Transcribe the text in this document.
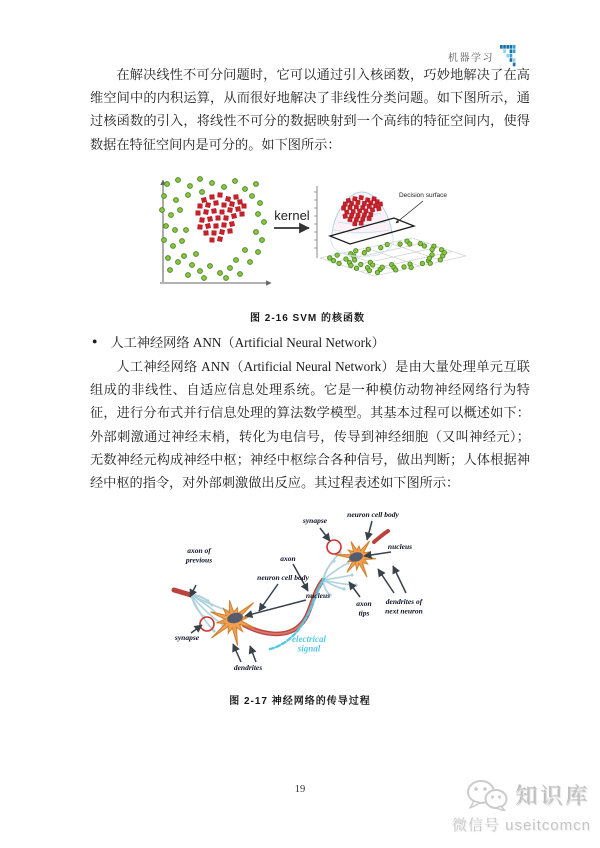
机器学习

在解决线性不可分问题时，它可以通过引入核函数，巧妙地解决了在高维空间中的内积运算，从而很好地解决了非线性分类问题。如下图所示，通过核函数的引入，将线性不可分的数据映射到一个高纬的特征空间内，使得数据在特征空间内是可分的。如下图所示：

kernel
Decision surface
图 2-16 SVM 的核函数
● 人工神经网络 ANN（Artificial Neural Network）

人工神经网络 ANN（Artificial Neural Network）是由大量处理单元互联组成的非线性、自适应信息处理系统。它是一种模仿动物神经网络行为特征，进行分布式并行信息处理的算法数学模型。其基本过程可以概述如下：外部刺激通过神经末梢，转化为电信号，传导到神经细胞（又叫神经元）；无数神经元构成神经中枢；神经中枢综合各种信号，做出判断；人体根据神经中枢的指令，对外部刺激做出反应。其过程表述如下图所示：

axon of previous
neuron cell body
nucleus
synapse
dendrites
axon
synapse
neuron cell body
nucleus
axon tips
dendrites of next neuron
electrical signal
图 2-17 神经网络的传导过程
19	知识库
微信号 useitcomcn
